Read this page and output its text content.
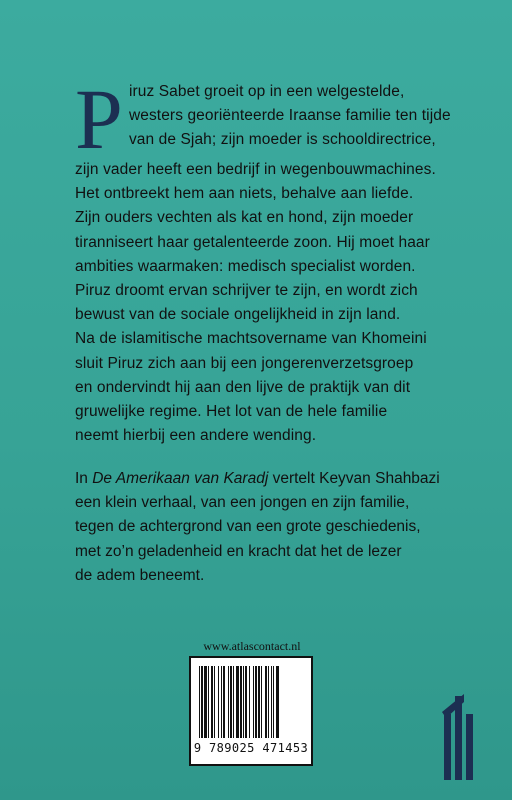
P iruz Sabet groeit op in een welgestelde,
westers georiënteerde Iraanse familie ten tijde
van de Sjah; zijn moeder is schooldirectrice,
zijn vader heeft een bedrijf in wegenbouwmachines.
Het ontbreekt hem aan niets, behalve aan liefde.
Zijn ouders vechten als kat en hond, zijn moeder
tiranniseert haar getalenteerde zoon. Hij moet haar
ambities waarmaken: medisch specialist worden.
Piruz droomt ervan schrijver te zijn, en wordt zich
bewust van de sociale ongelijkheid in zijn land.
Na de islamitische machtsovername van Khomeini
sluit Piruz zich aan bij een jongerenverzetsgroep
en ondervindt hij aan den lijve de praktijk van dit
gruwelijke regime. Het lot van de hele familie
neemt hierbij een andere wending.
In De Amerikaan van Karadj vertelt Keyvan Shahbazi
een klein verhaal, van een jongen en zijn familie,
tegen de achtergrond van een grote geschiedenis,
met zo’n geladenheid en kracht dat het de lezer
de adem beneemt.
www.atlascontact.nl
9 789025 471453
